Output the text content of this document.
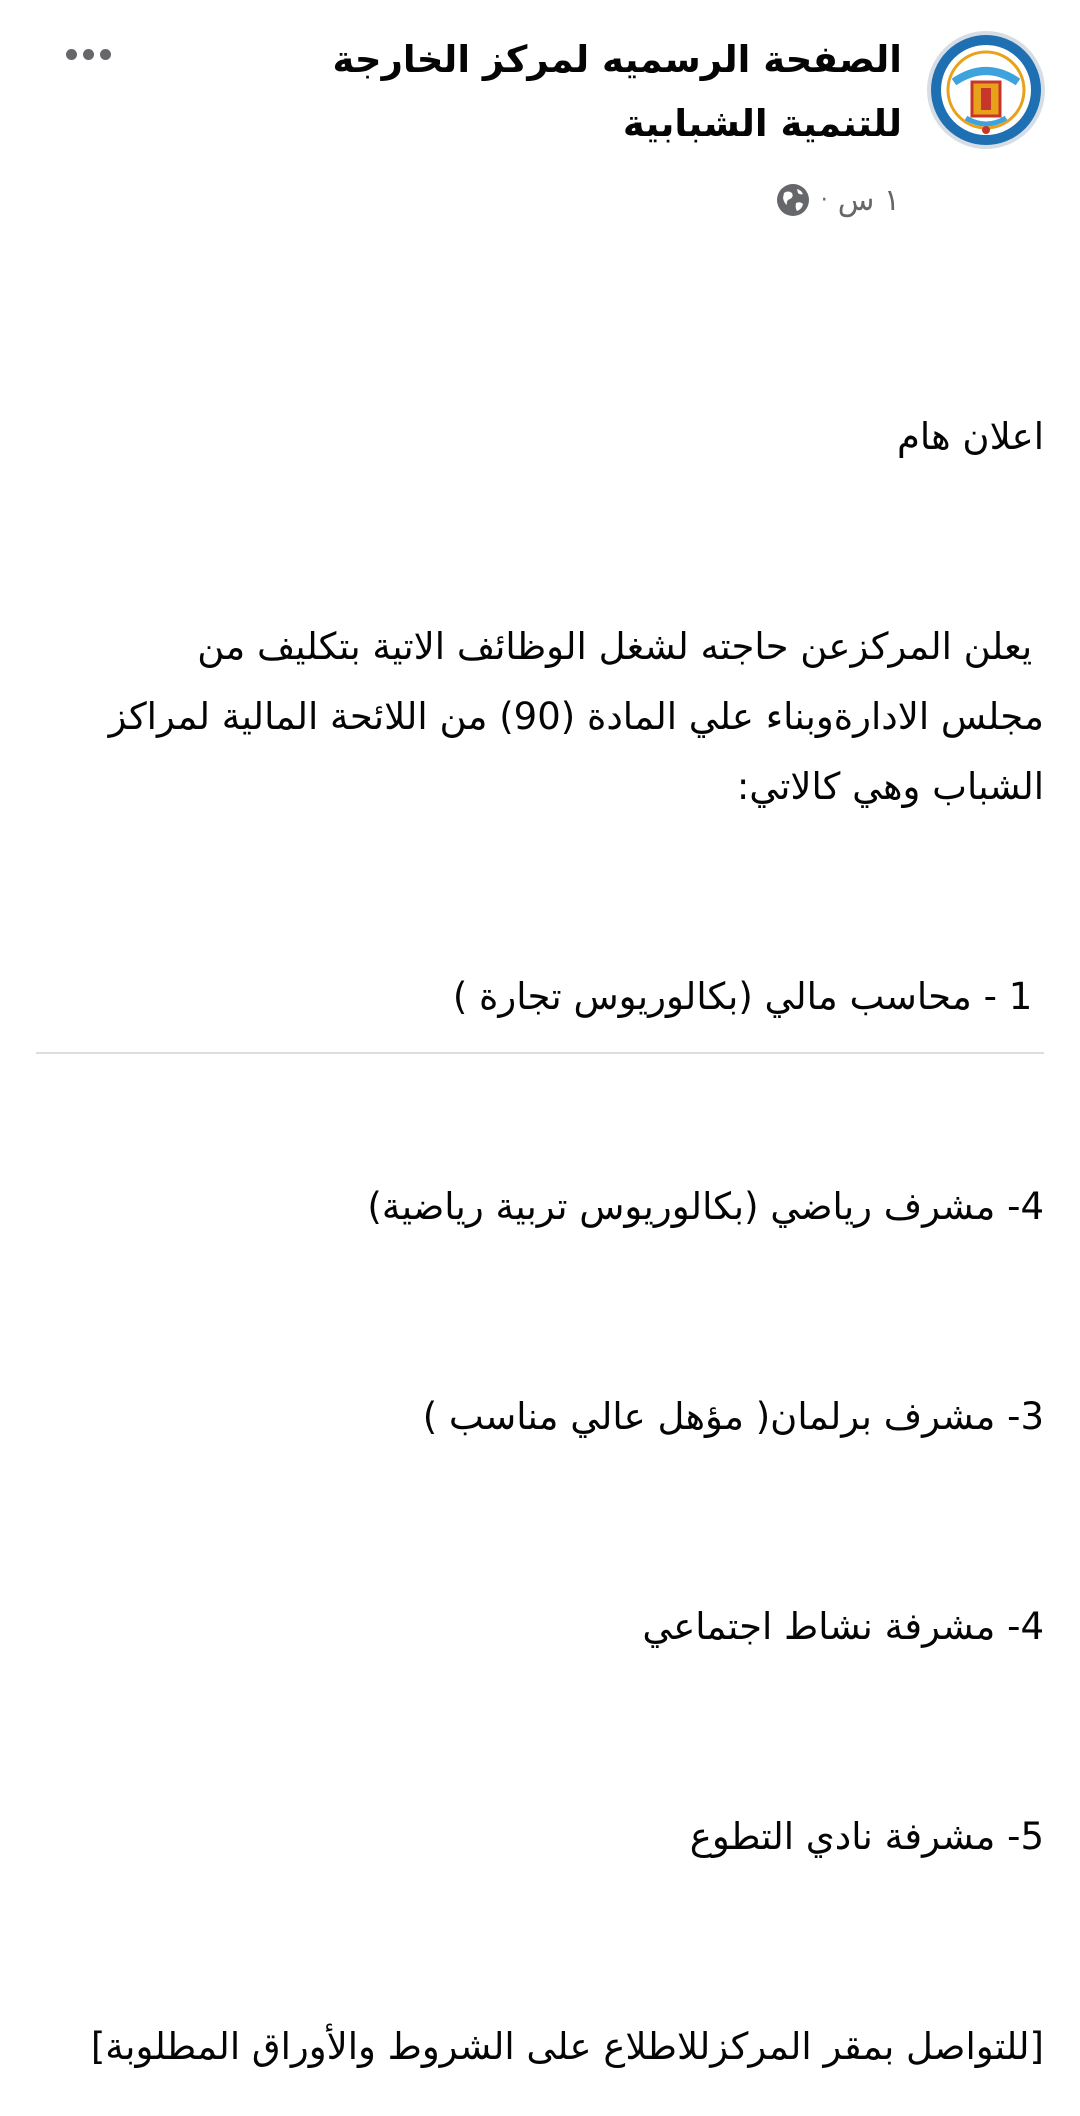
الصفحة الرسميه لمركز الخارجة للتنمية الشبابية
١ س
·

اعلان هام

يعلن المركزعن حاجته لشغل الوظائف الاتية بتكليف من مجلس الادارةوبناء علي المادة (90) من اللائحة المالية لمراكز الشباب وهي كالاتي:

1 - محاسب مالي (بكالوريوس تجارة )

4- مشرف رياضي (بكالوريوس تربية رياضية)

3- مشرف برلمان( مؤهل عالي مناسب )

4- مشرفة نشاط اجتماعي

5- مشرفة نادي التطوع

[للتواصل بمقر المركزللاطلاع على الشروط والأوراق المطلوبة]
